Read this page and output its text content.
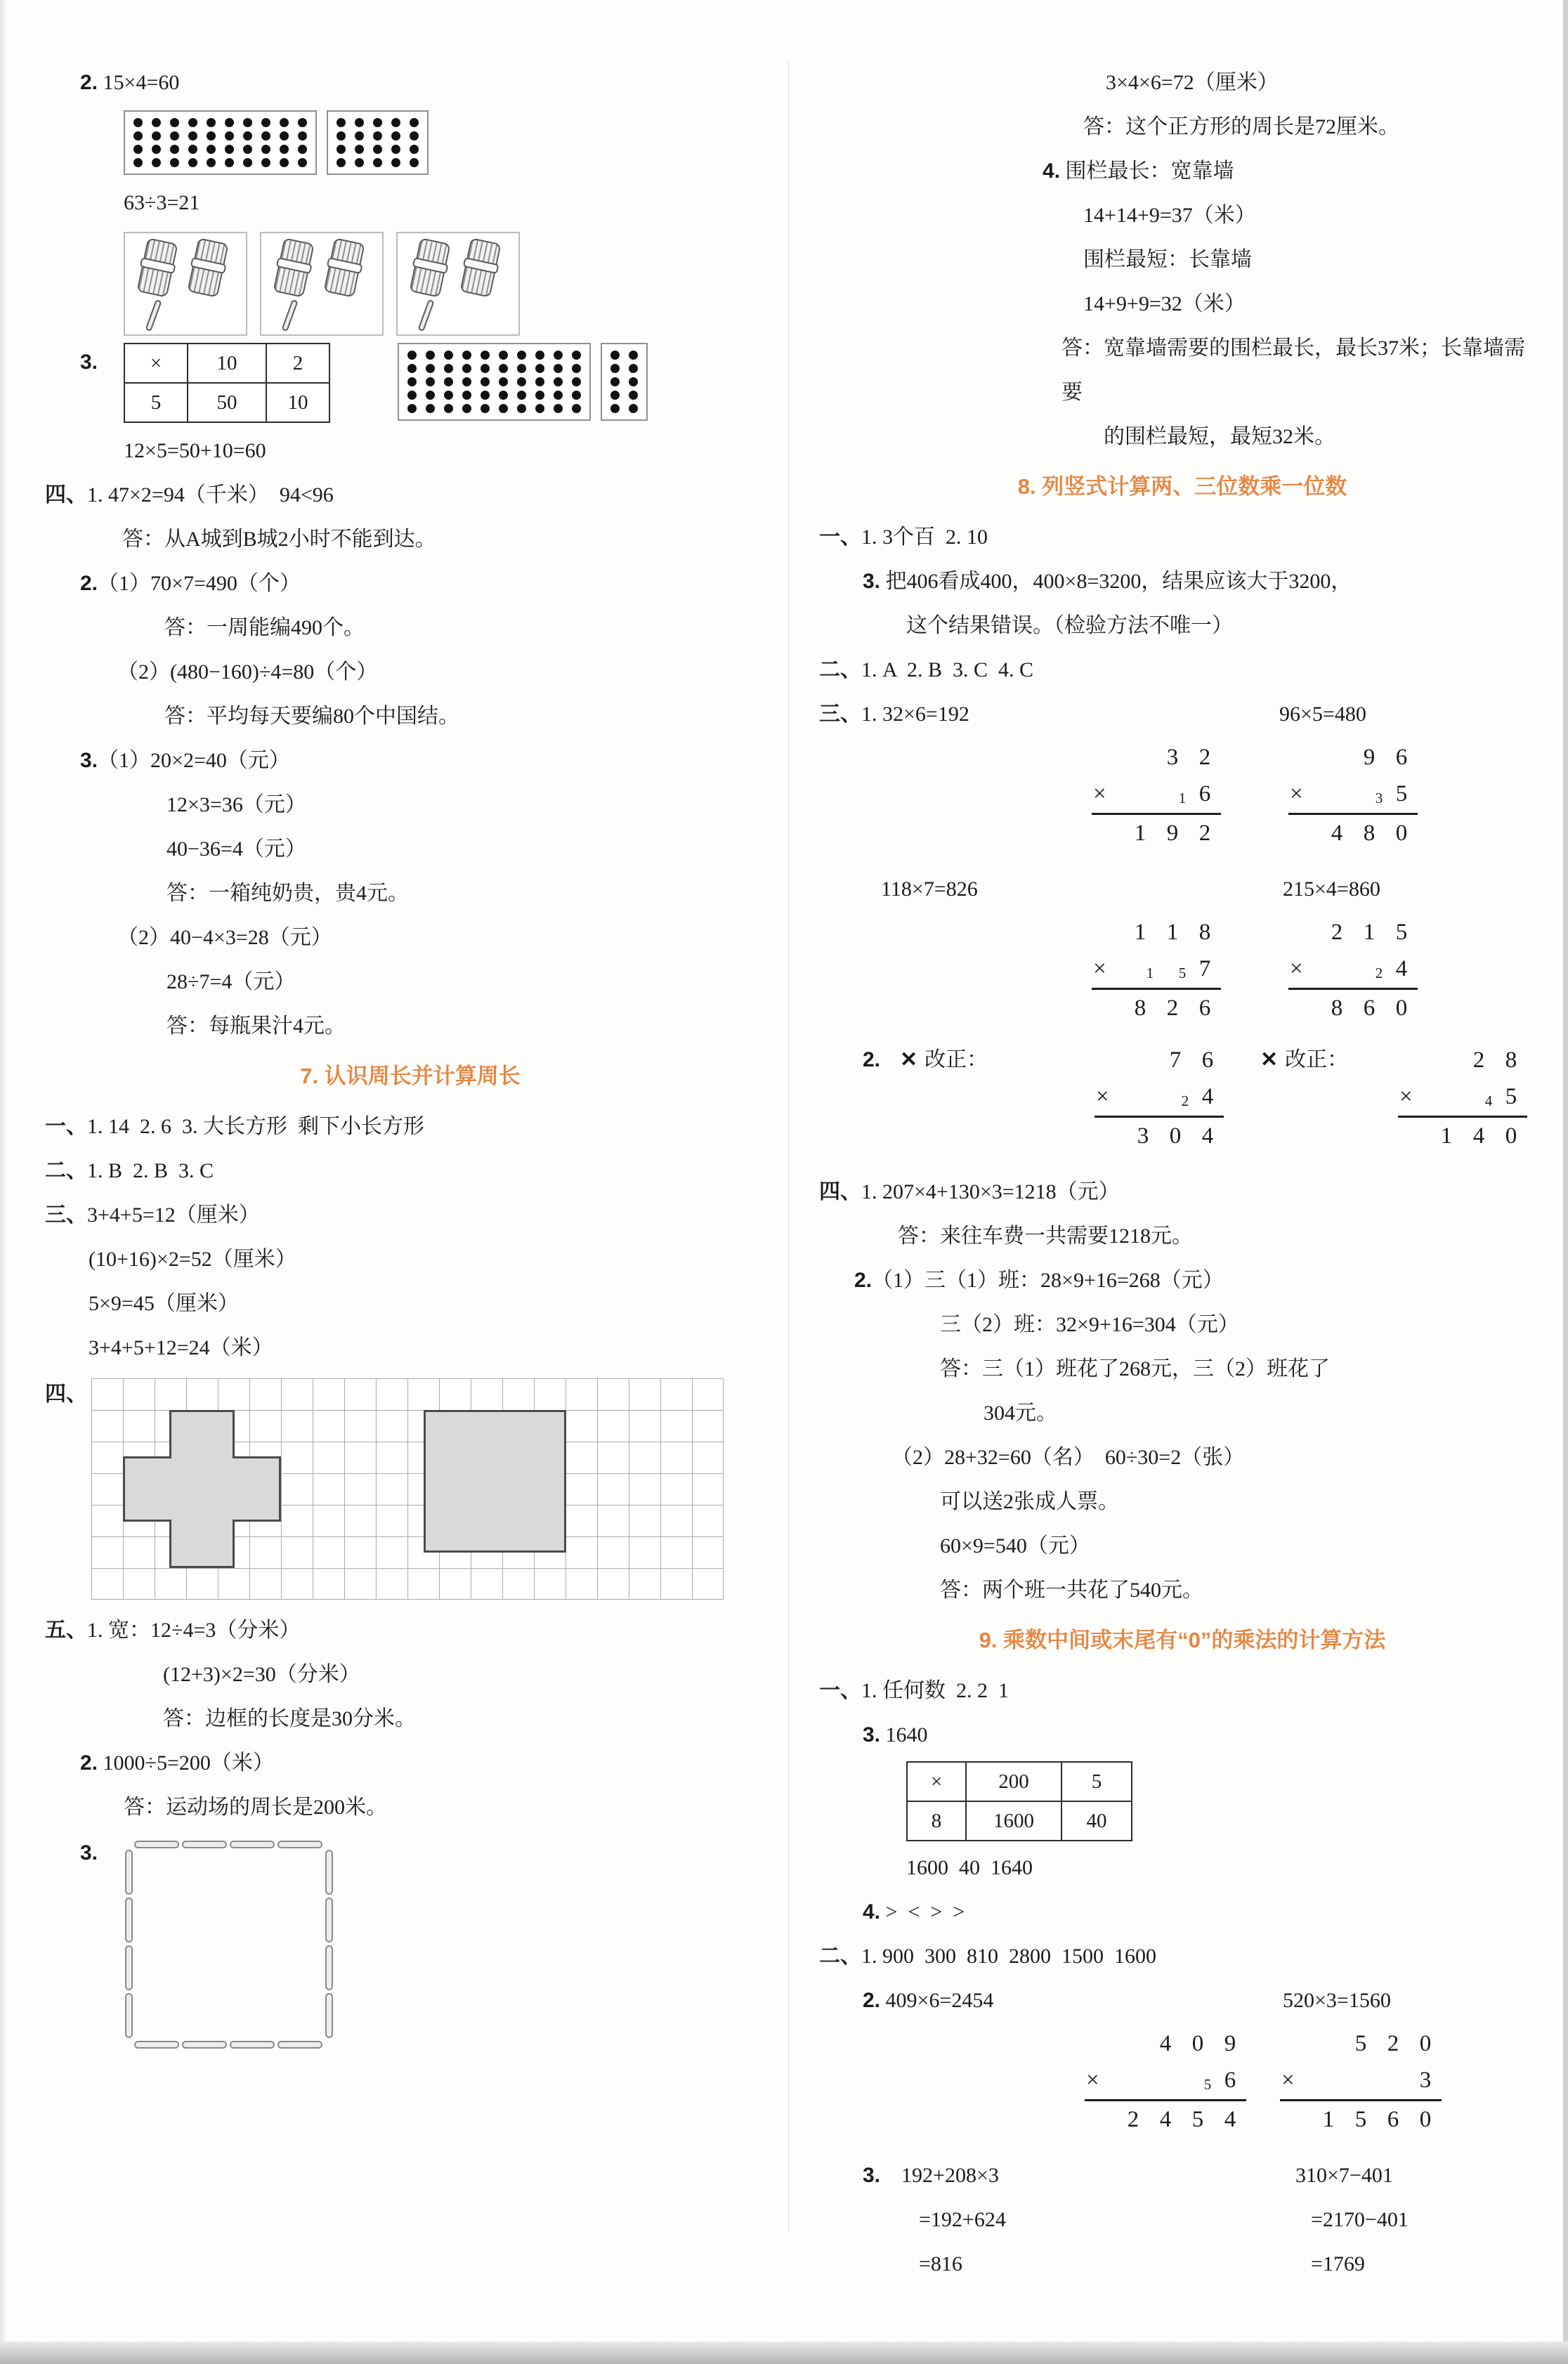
2. 15×4=60
63÷3=21
3.	×	10	2
5	50	10
12×5=50+10=60
四、1. 47×2=94（千米）  94<96
答：从A城到B城2小时不能到达。
2.（1）70×7=490（个）
答：一周能编490个。
（2）(480−160)÷4=80（个）
答：平均每天要编80个中国结。
3.（1）20×2=40（元）
12×3=36（元）
40−36=4（元）
答：一箱纯奶贵，贵4元。
（2）40−4×3=28（元）
28÷7=4（元）
答：每瓶果汁4元。
7. 认识周长并计算周长
一、1. 14  2. 6  3. 大长方形  剩下小长方形
二、1. B  2. B  3. C
三、3+4+5=12（厘米）
(10+16)×2=52（厘米）
5×9=45（厘米）
3+4+5+12=24（米）
四、
五、1. 宽：12÷4=3（分米）
(12+3)×2=30（分米）
答：边框的长度是30分米。
2. 1000÷5=200（米）
答：运动场的周长是200米。
3.
3×4×6=72（厘米）
答：这个正方形的周长是72厘米。
4. 围栏最长：宽靠墙
14+14+9=37（米）
围栏最短：长靠墙
14+9+9=32（米）
答：宽靠墙需要的围栏最长，最长37米；长靠墙需要
的围栏最短，最短32米。
8. 列竖式计算两、三位数乘一位数
一、1. 3个百  2. 10
3. 把406看成400，400×8=3200，结果应该大于3200，
这个结果错误。（检验方法不唯一）
二、1. A  2. B  3. C  4. C
三、1. 32×6=192	96×5=480
3 2
×	1 6
1 9 2
9 6
×	3 5
4 8 0
118×7=826	215×4=860
1 1 8
×	1	5 7
8 2 6
2 1 5
×	2 4
8 6 0
2. ✕ 改正：	7 6
×	2 4
3 0 4
✕ 改正：	2 8
×	4 5
1 4 0
四、1. 207×4+130×3=1218（元）
答：来往车费一共需要1218元。
2.（1）三（1）班：28×9+16=268（元）
三（2）班：32×9+16=304（元）
答：三（1）班花了268元，三（2）班花了
304元。
（2）28+32=60（名）  60÷30=2（张）
可以送2张成人票。
60×9=540（元）
答：两个班一共花了540元。
9. 乘数中间或末尾有“0”的乘法的计算方法
一、1. 任何数  2. 2  1
3. 1640
×	200	5
8	1600	40
1600  40  1640
4. >  <  >  >
二、1. 900  300  810  2800  1500  1600
2. 409×6=2454	520×3=1560
4 0 9
×	5 6
2 4 5 4
5 2 0
×	3
1 5 6 0
3.    192+208×3	310×7−401
=192+624	=2170−401
=816	=1769
